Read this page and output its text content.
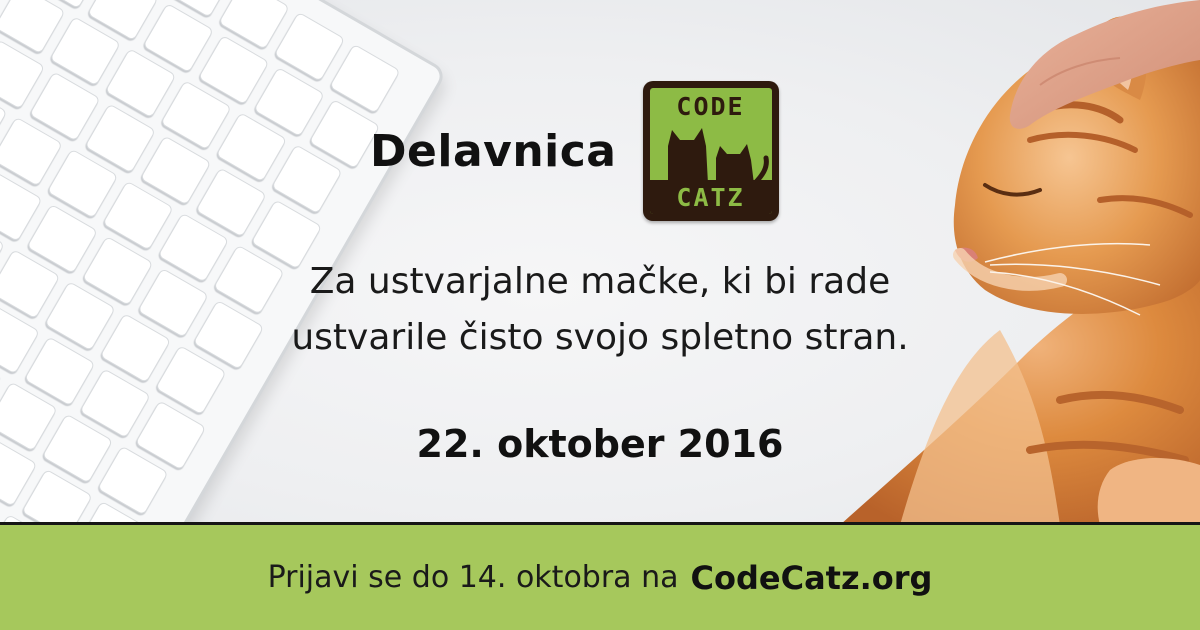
Delavnica
CODE
CATZ
Za ustvarjalne mačke, ki bi rade
ustvarile čisto svojo spletno stran.
22. oktober 2016
Prijavi se do 14. oktobra na CodeCatz.org
